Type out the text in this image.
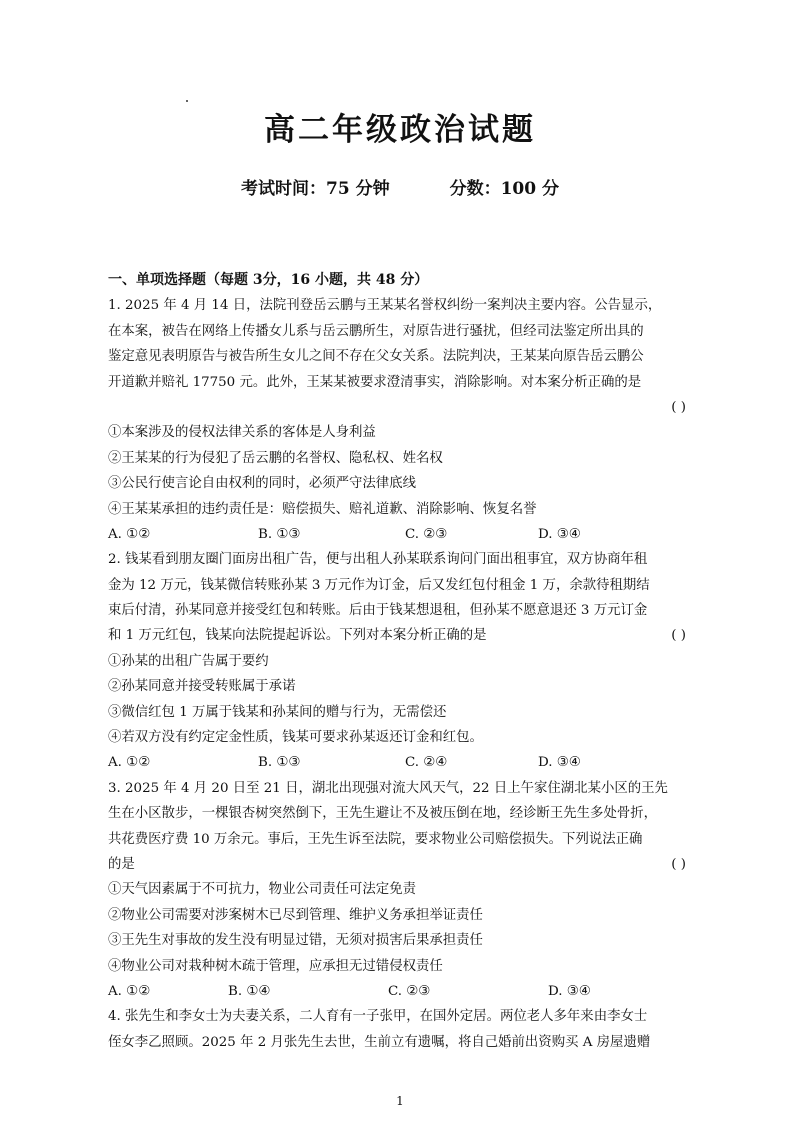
高二年级政治试题
考试时间：75 分钟	分数：100 分
一、单项选择题（每题 3分，16 小题，共 48 分）
1. 2025 年 4 月 14 日，法院刊登岳云鹏与王某某名誉权纠纷一案判决主要内容。公告显示，
在本案，被告在网络上传播女儿系与岳云鹏所生，对原告进行骚扰，但经司法鉴定所出具的
鉴定意见表明原告与被告所生女儿之间不存在父女关系。法院判决，王某某向原告岳云鹏公
开道歉并赔礼 17750 元。此外，王某某被要求澄清事实，消除影响。对本案分析正确的是
( )
①本案涉及的侵权法律关系的客体是人身利益
②王某某的行为侵犯了岳云鹏的名誉权、隐私权、姓名权
③公民行使言论自由权利的同时，必须严守法律底线
④王某某承担的违约责任是：赔偿损失、赔礼道歉、消除影响、恢复名誉
A. ①②	B. ①③	C. ②③	D. ③④
2. 钱某看到朋友圈门面房出租广告，便与出租人孙某联系询问门面出租事宜，双方协商年租
金为 12 万元，钱某微信转账孙某 3 万元作为订金，后又发红包付租金 1 万，余款待租期结
束后付清，孙某同意并接受红包和转账。后由于钱某想退租，但孙某不愿意退还 3 万元订金
和 1 万元红包，钱某向法院提起诉讼。下列对本案分析正确的是	( )
①孙某的出租广告属于要约
②孙某同意并接受转账属于承诺
③微信红包 1 万属于钱某和孙某间的赠与行为，无需偿还
④若双方没有约定定金性质，钱某可要求孙某返还订金和红包。
A. ①②	B. ①③	C. ②④	D. ③④
3. 2025 年 4 月 20 日至 21 日，湖北出现强对流大风天气，22 日上午家住湖北某小区的王先
生在小区散步，一棵银杏树突然倒下，王先生避让不及被压倒在地，经诊断王先生多处骨折，
共花费医疗费 10 万余元。事后，王先生诉至法院，要求物业公司赔偿损失。下列说法正确
的是	( )
①天气因素属于不可抗力，物业公司责任可法定免责
②物业公司需要对涉案树木已尽到管理、维护义务承担举证责任
③王先生对事故的发生没有明显过错，无须对损害后果承担责任
④物业公司对栽种树木疏于管理，应承担无过错侵权责任
A. ①②	B. ①④	C. ②③	D. ③④
4. 张先生和李女士为夫妻关系，二人育有一子张甲，在国外定居。两位老人多年来由李女士
侄女李乙照顾。2025 年 2 月张先生去世，生前立有遗嘱，将自己婚前出资购买 A 房屋遗赠
1
